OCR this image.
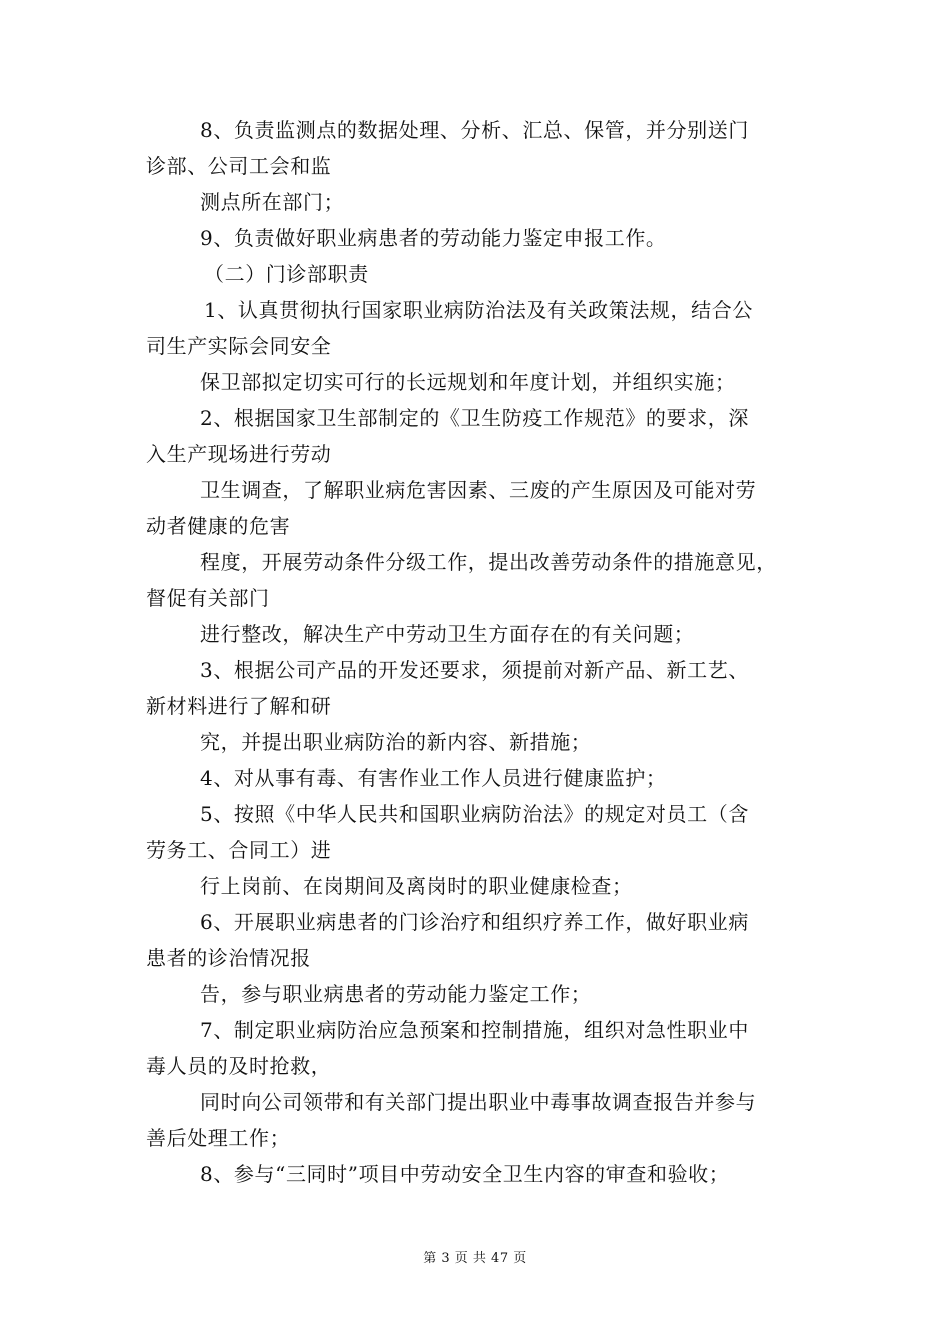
8、负责监测点的数据处理、分析、汇总、保管，并分别送门

诊部、公司工会和监

测点所在部门；

9、负责做好职业病患者的劳动能力鉴定申报工作。

（二）门诊部职责

1、认真贯彻执行国家职业病防治法及有关政策法规，结合公

司生产实际会同安全

保卫部拟定切实可行的长远规划和年度计划，并组织实施；

2、根据国家卫生部制定的《卫生防疫工作规范》的要求，深

入生产现场进行劳动

卫生调查，了解职业病危害因素、三废的产生原因及可能对劳

动者健康的危害

程度，开展劳动条件分级工作，提出改善劳动条件的措施意见，

督促有关部门

进行整改，解决生产中劳动卫生方面存在的有关问题；

3、根据公司产品的开发还要求，须提前对新产品、新工艺、

新材料进行了解和研

究，并提出职业病防治的新内容、新措施；

4、对从事有毒、有害作业工作人员进行健康监护；

5、按照《中华人民共和国职业病防治法》的规定对员工（含

劳务工、合同工）进

行上岗前、在岗期间及离岗时的职业健康检查；

6、开展职业病患者的门诊治疗和组织疗养工作，做好职业病

患者的诊治情况报

告，参与职业病患者的劳动能力鉴定工作；

7、制定职业病防治应急预案和控制措施，组织对急性职业中

毒人员的及时抢救，

同时向公司领带和有关部门提出职业中毒事故调查报告并参与

善后处理工作；

8、参与“三同时”项目中劳动安全卫生内容的审查和验收；

第 3 页 共 47 页
